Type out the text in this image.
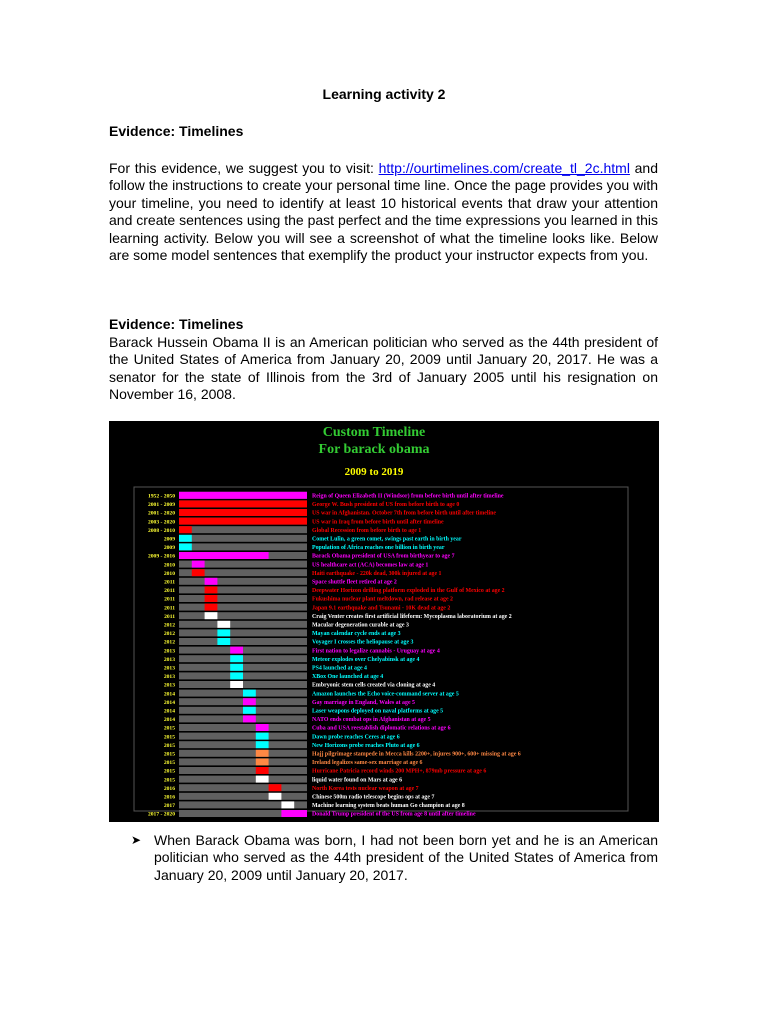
Learning activity 2
Evidence: Timelines
For this evidence, we suggest you to visit: http://ourtimelines.com/create_tl_2c.html and follow the instructions to create your personal time line. Once the page provides you with your timeline, you need to identify at least 10 historical events that draw your attention and create sentences using the past perfect and the time expressions you learned in this learning activity. Below you will see a screenshot of what the timeline looks like. Below are some model sentences that exemplify the product your instructor expects from you.
Evidence: Timelines
Barack Hussein Obama II is an American politician who served as the 44th president of the United States of America from January 20, 2009 until January 20, 2017. He was a senator for the state of Illinois from the 3rd of January 2005 until his resignation on November 16, 2008.
Custom Timeline
For barack obama
2009 to 2019
1952 - 2050	Reign of Queen Elizabeth II (Windsor) from before birth until after timeline
2001 - 2009	George W. Bush president of US from before birth to age 0
2001 - 2020	US war in Afghanistan. October 7th from before birth until after timeline
2003 - 2020	US war in Iraq from before birth until after timeline
2008 - 2010	Global Recession from before birth to age 1
2009	Comet Lulin, a green comet, swings past earth in birth year
2009	Population of Africa reaches one billion in birth year
2009 - 2016	Barack Obama president of USA from birthyear to age 7
2010	US healthcare act (ACA) becomes law at age 1
2010	Haiti earthquake - 220k dead, 300k injured at age 1
2011	Space shuttle fleet retired at age 2
2011	Deepwater Horizon drilling platform exploded in the Gulf of Mexico at age 2
2011	Fukushima nuclear plant meltdown, rad release at age 2
2011	Japan 9.1 earthquake and Tsunami - 10K dead at age 2
2011	Craig Venter creates first artificial lifeform: Mycoplasma laboratorium at age 2
2012	Macular degeneration curable at age 3
2012	Mayan calendar cycle ends at age 3
2012	Voyager I crosses the heliopause at age 3
2013	First nation to legalize cannabis - Uruguay at age 4
2013	Meteor explodes over Chelyabinsk at age 4
2013	PS4 launched at age 4
2013	XBox One launched at age 4
2013	Embryonic stem cells created via cloning at age 4
2014	Amazon launches the Echo voice-command server at age 5
2014	Gay marriage in England, Wales at age 5
2014	Laser weapons deployed on naval platforms at age 5
2014	NATO ends combat ops in Afghanistan at age 5
2015	Cuba and USA reestablish diplomatic relations at age 6
2015	Dawn probe reaches Ceres at age 6
2015	New Horizons probe reaches Pluto at age 6
2015	Hajj pilgrimage stampede in Mecca kills 2200+, injures 900+, 600+ missing at age 6
2015	Ireland legalizes same-sex marriage at age 6
2015	Hurricane Patricia record winds 200 MPH+, 879mb pressure at age 6
2015	liquid water found on Mars at age 6
2016	North Korea tests nuclear weapon at age 7
2016	Chinese 500m radio telescope begins ops at age 7
2017	Machine learning system beats human Go champion at age 8
2017 - 2020	Donald Trump president of the US from age 8 until after timeline
➤ When Barack Obama was born, I had not been born yet and he is an American politician who served as the 44th president of the United States of America from January 20, 2009 until January 20, 2017.
